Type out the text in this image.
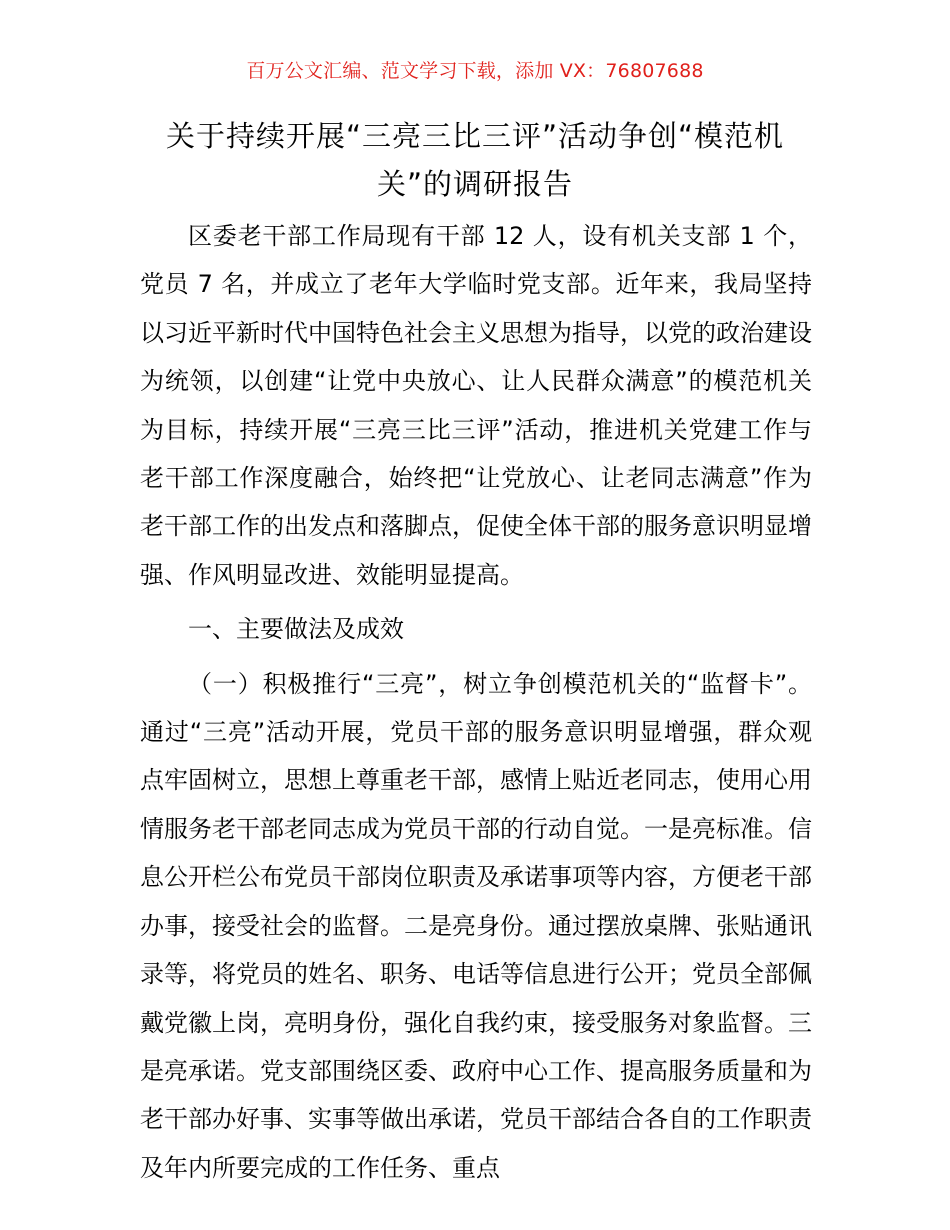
百万公文汇编、范文学习下载，添加 VX：76807688
关于持续开展“三亮三比三评”活动争创“模范机关”的调研报告

区委老干部工作局现有干部 12 人，设有机关支部 1 个，党员 7 名，并成立了老年大学临时党支部。近年来，我局坚持以习近平新时代中国特色社会主义思想为指导，以党的政治建设为统领，以创建“让党中央放心、让人民群众满意”的模范机关为目标，持续开展“三亮三比三评”活动，推进机关党建工作与老干部工作深度融合，始终把“让党放心、让老同志满意”作为老干部工作的出发点和落脚点，促使全体干部的服务意识明显增强、作风明显改进、效能明显提高。

一、主要做法及成效

（一）积极推行“三亮”，树立争创模范机关的“监督卡”。通过“三亮”活动开展，党员干部的服务意识明显增强，群众观点牢固树立，思想上尊重老干部，感情上贴近老同志，使用心用情服务老干部老同志成为党员干部的行动自觉。一是亮标准。信息公开栏公布党员干部岗位职责及承诺事项等内容，方便老干部办事，接受社会的监督。二是亮身份。通过摆放桌牌、张贴通讯录等，将党员的姓名、职务、电话等信息进行公开；党员全部佩戴党徽上岗，亮明身份，强化自我约束，接受服务对象监督。三是亮承诺。党支部围绕区委、政府中心工作、提高服务质量和为老干部办好事、实事等做出承诺，党员干部结合各自的工作职责及年内所要完成的工作任务、重点
